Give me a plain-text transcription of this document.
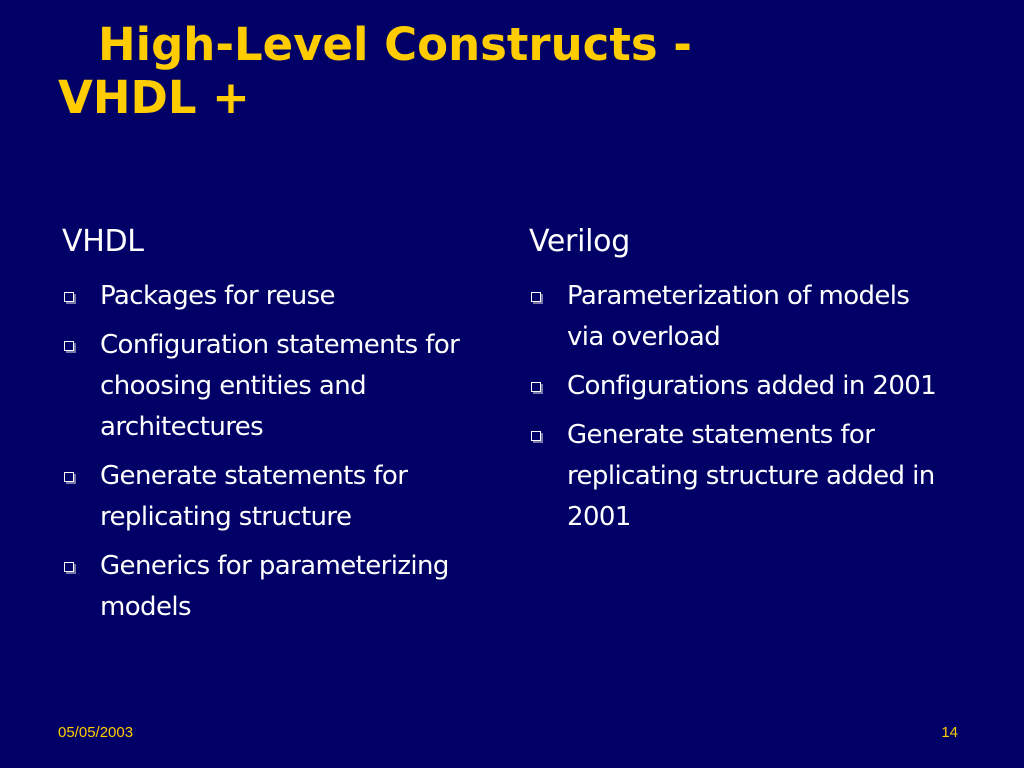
High-Level Constructs -
VHDL +
VHDL
Packages for reuse
Configuration statements for choosing entities and architectures
Generate statements for replicating structure
Generics for parameterizing models
Verilog
Parameterization of models via overload
Configurations added in 2001
Generate statements for replicating structure added in 2001
05/05/2003	14
